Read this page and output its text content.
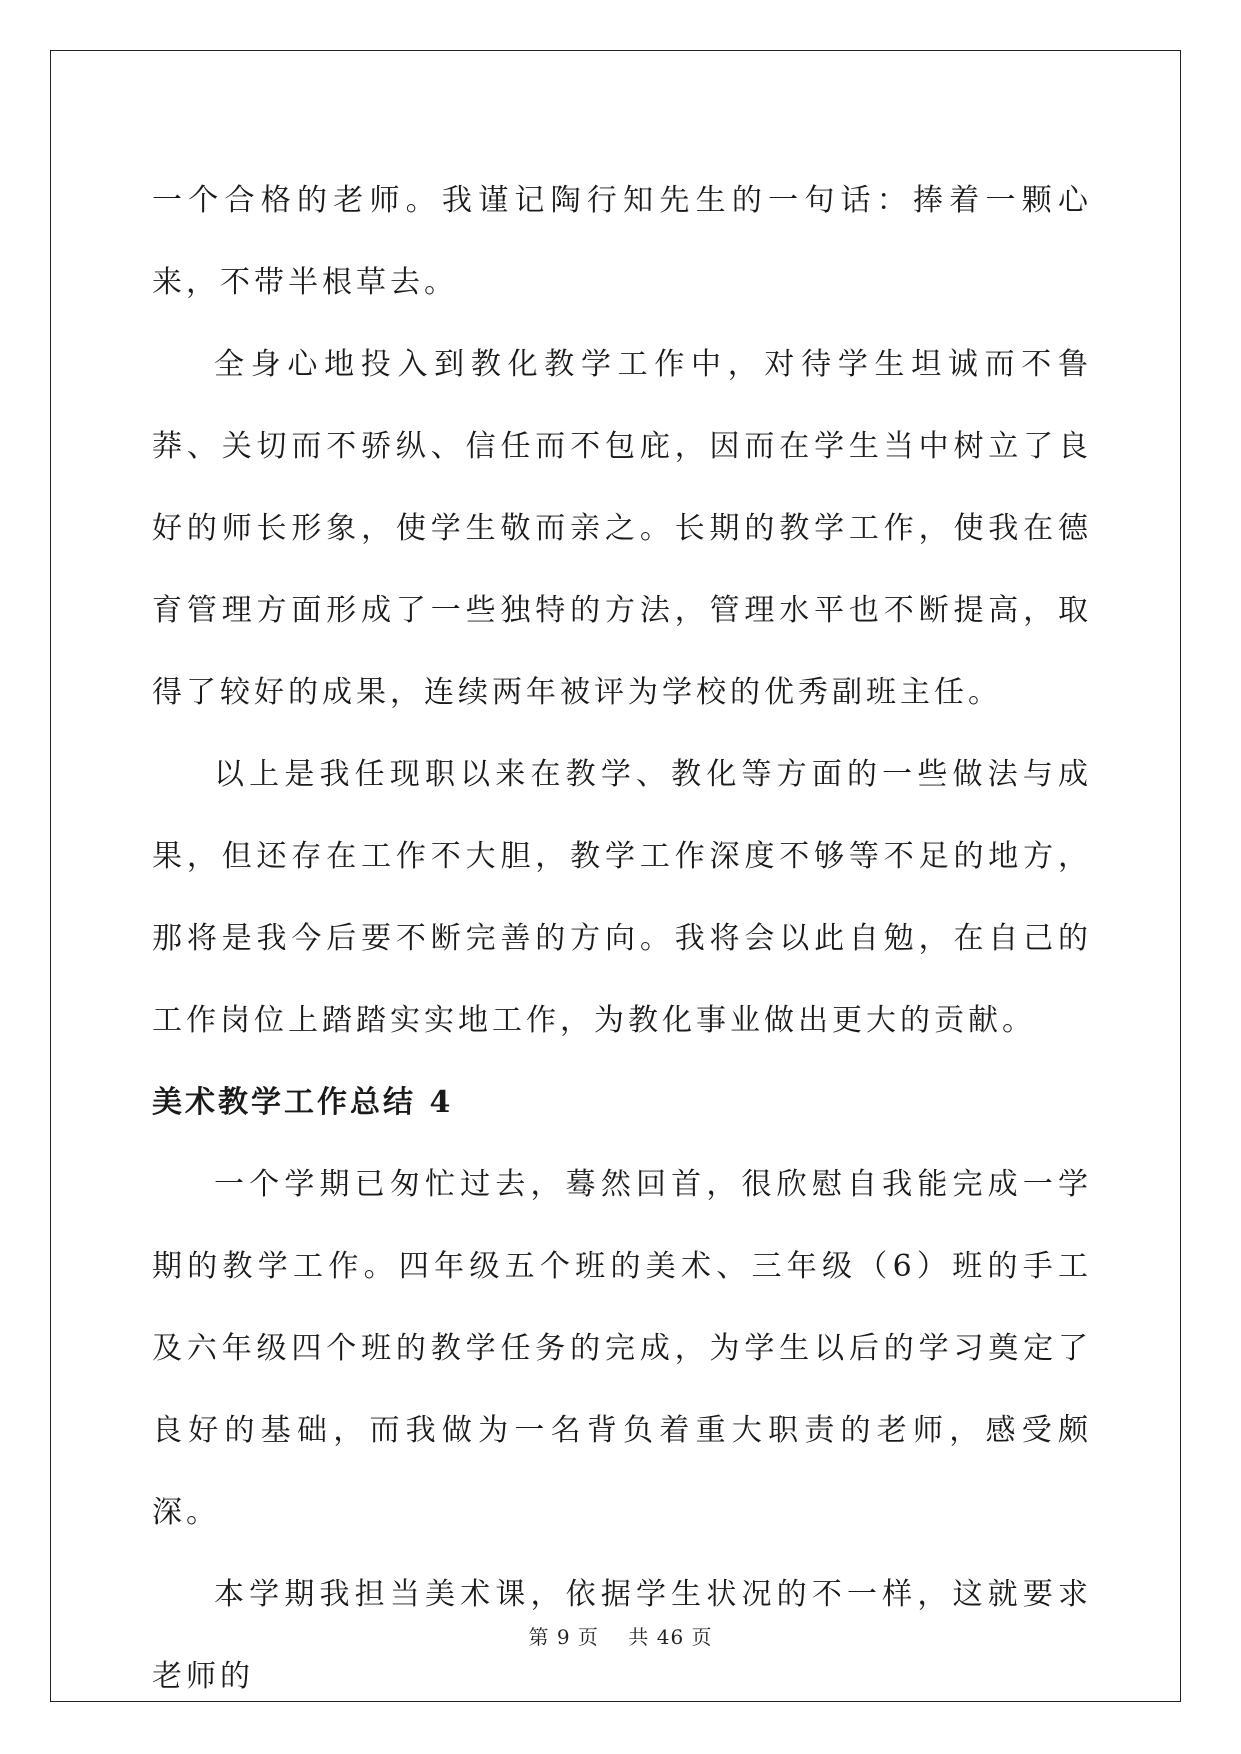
一个合格的老师。我谨记陶行知先生的一句话：捧着一颗心来，不带半根草去。

全身心地投入到教化教学工作中，对待学生坦诚而不鲁莽、关切而不骄纵、信任而不包庇，因而在学生当中树立了良好的师长形象，使学生敬而亲之。长期的教学工作，使我在德育管理方面形成了一些独特的方法，管理水平也不断提高，取得了较好的成果，连续两年被评为学校的优秀副班主任。

以上是我任现职以来在教学、教化等方面的一些做法与成果，但还存在工作不大胆，教学工作深度不够等不足的地方，那将是我今后要不断完善的方向。我将会以此自勉，在自己的工作岗位上踏踏实实地工作，为教化事业做出更大的贡献。

美术教学工作总结 4

一个学期已匆忙过去，蓦然回首，很欣慰自我能完成一学期的教学工作。四年级五个班的美术、三年级（6）班的手工及六年级四个班的教学任务的完成，为学生以后的学习奠定了良好的基础，而我做为一名背负着重大职责的老师，感受颇深。

本学期我担当美术课，依据学生状况的不一样，这就要求老师的

第 9 页 共 46 页
